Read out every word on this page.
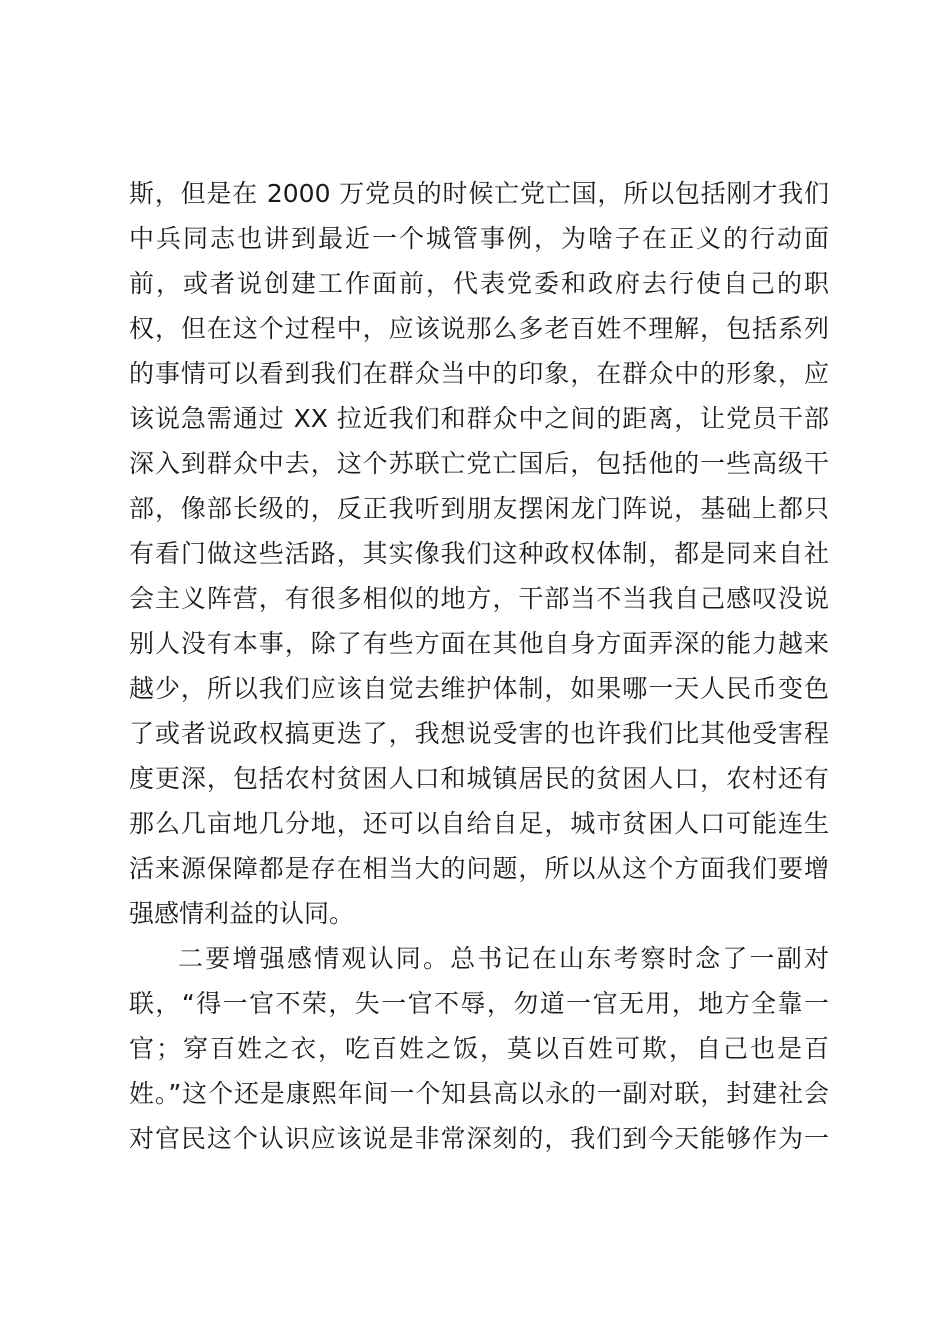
斯，但是在 2000 万党员的时候亡党亡国，所以包括刚才我们
中兵同志也讲到最近一个城管事例，为啥子在正义的行动面
前，或者说创建工作面前，代表党委和政府去行使自己的职
权，但在这个过程中，应该说那么多老百姓不理解，包括系列
的事情可以看到我们在群众当中的印象，在群众中的形象，应
该说急需通过 XX 拉近我们和群众中之间的距离，让党员干部
深入到群众中去，这个苏联亡党亡国后，包括他的一些高级干
部，像部长级的，反正我听到朋友摆闲龙门阵说，基础上都只
有看门做这些活路，其实像我们这种政权体制，都是同来自社
会主义阵营，有很多相似的地方，干部当不当我自己感叹没说
别人没有本事，除了有些方面在其他自身方面弄深的能力越来
越少，所以我们应该自觉去维护体制，如果哪一天人民币变色
了或者说政权搞更迭了，我想说受害的也许我们比其他受害程
度更深，包括农村贫困人口和城镇居民的贫困人口，农村还有
那么几亩地几分地，还可以自给自足，城市贫困人口可能连生
活来源保障都是存在相当大的问题，所以从这个方面我们要增
强感情利益的认同。
二要增强感情观认同。总书记在山东考察时念了一副对
联，“得一官不荣，失一官不辱，勿道一官无用，地方全靠一
官；穿百姓之衣，吃百姓之饭，莫以百姓可欺，自己也是百
姓。”这个还是康熙年间一个知县高以永的一副对联，封建社会
对官民这个认识应该说是非常深刻的，我们到今天能够作为一
